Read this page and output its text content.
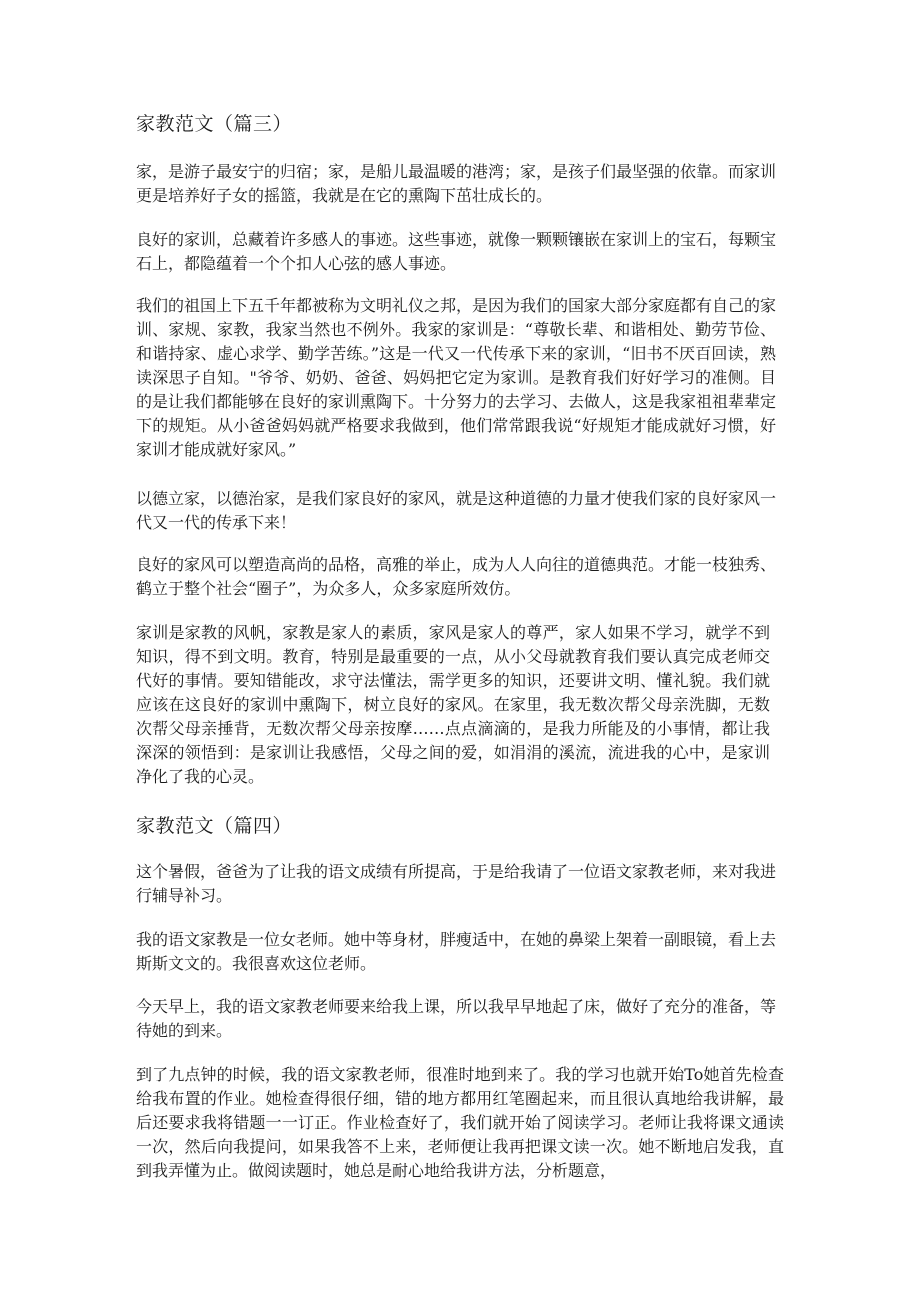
家教范文（篇三）

家，是游子最安宁的归宿；家，是船儿最温暖的港湾；家，是孩子们最坚强的依靠。而家训更是培养好子女的摇篮，我就是在它的熏陶下茁壮成长的。

良好的家训，总藏着许多感人的事迹。这些事迹，就像一颗颗镶嵌在家训上的宝石，每颗宝石上，都隐蕴着一个个扣人心弦的感人事迹。

我们的祖国上下五千年都被称为文明礼仪之邦，是因为我们的国家大部分家庭都有自己的家训、家规、家教，我家当然也不例外。我家的家训是：“尊敬长辈、和谐相处、勤劳节俭、和谐持家、虚心求学、勤学苦练。”这是一代又一代传承下来的家训，“旧书不厌百回读，熟读深思子自知。"爷爷、奶奶、爸爸、妈妈把它定为家训。是教育我们好好学习的准侧。目的是让我们都能够在良好的家训熏陶下。十分努力的去学习、去做人，这是我家祖祖辈辈定下的规矩。从小爸爸妈妈就严格要求我做到，他们常常跟我说“好规矩才能成就好习惯，好家训才能成就好家风。”

以德立家，以德治家，是我们家良好的家风，就是这种道德的力量才使我们家的良好家风一代又一代的传承下来！

良好的家风可以塑造高尚的品格，高雅的举止，成为人人向往的道德典范。才能一枝独秀、鹤立于整个社会“圈子”，为众多人，众多家庭所效仿。

家训是家教的风帆，家教是家人的素质，家风是家人的尊严，家人如果不学习，就学不到知识，得不到文明。教育，特别是最重要的一点，从小父母就教育我们要认真完成老师交代好的事情。要知错能改，求守法懂法，需学更多的知识，还要讲文明、懂礼貌。我们就应该在这良好的家训中熏陶下，树立良好的家风。在家里，我无数次帮父母亲洗脚，无数次帮父母亲捶背，无数次帮父母亲按摩……点点滴滴的，是我力所能及的小事情，都让我深深的领悟到：是家训让我感悟，父母之间的爱，如涓涓的溪流，流进我的心中，是家训净化了我的心灵。

家教范文（篇四）

这个暑假，爸爸为了让我的语文成绩有所提高，于是给我请了一位语文家教老师，来对我进行辅导补习。

我的语文家教是一位女老师。她中等身材，胖瘦适中，在她的鼻梁上架着一副眼镜，看上去斯斯文文的。我很喜欢这位老师。

今天早上，我的语文家教老师要来给我上课，所以我早早地起了床，做好了充分的准备，等待她的到来。

到了九点钟的时候，我的语文家教老师，很准时地到来了。我的学习也就开始To她首先检查给我布置的作业。她检查得很仔细，错的地方都用红笔圈起来，而且很认真地给我讲解，最后还要求我将错题一一订正。作业检查好了，我们就开始了阅读学习。老师让我将课文通读一次，然后向我提问，如果我答不上来，老师便让我再把课文读一次。她不断地启发我，直到我弄懂为止。做阅读题时，她总是耐心地给我讲方法，分析题意，
